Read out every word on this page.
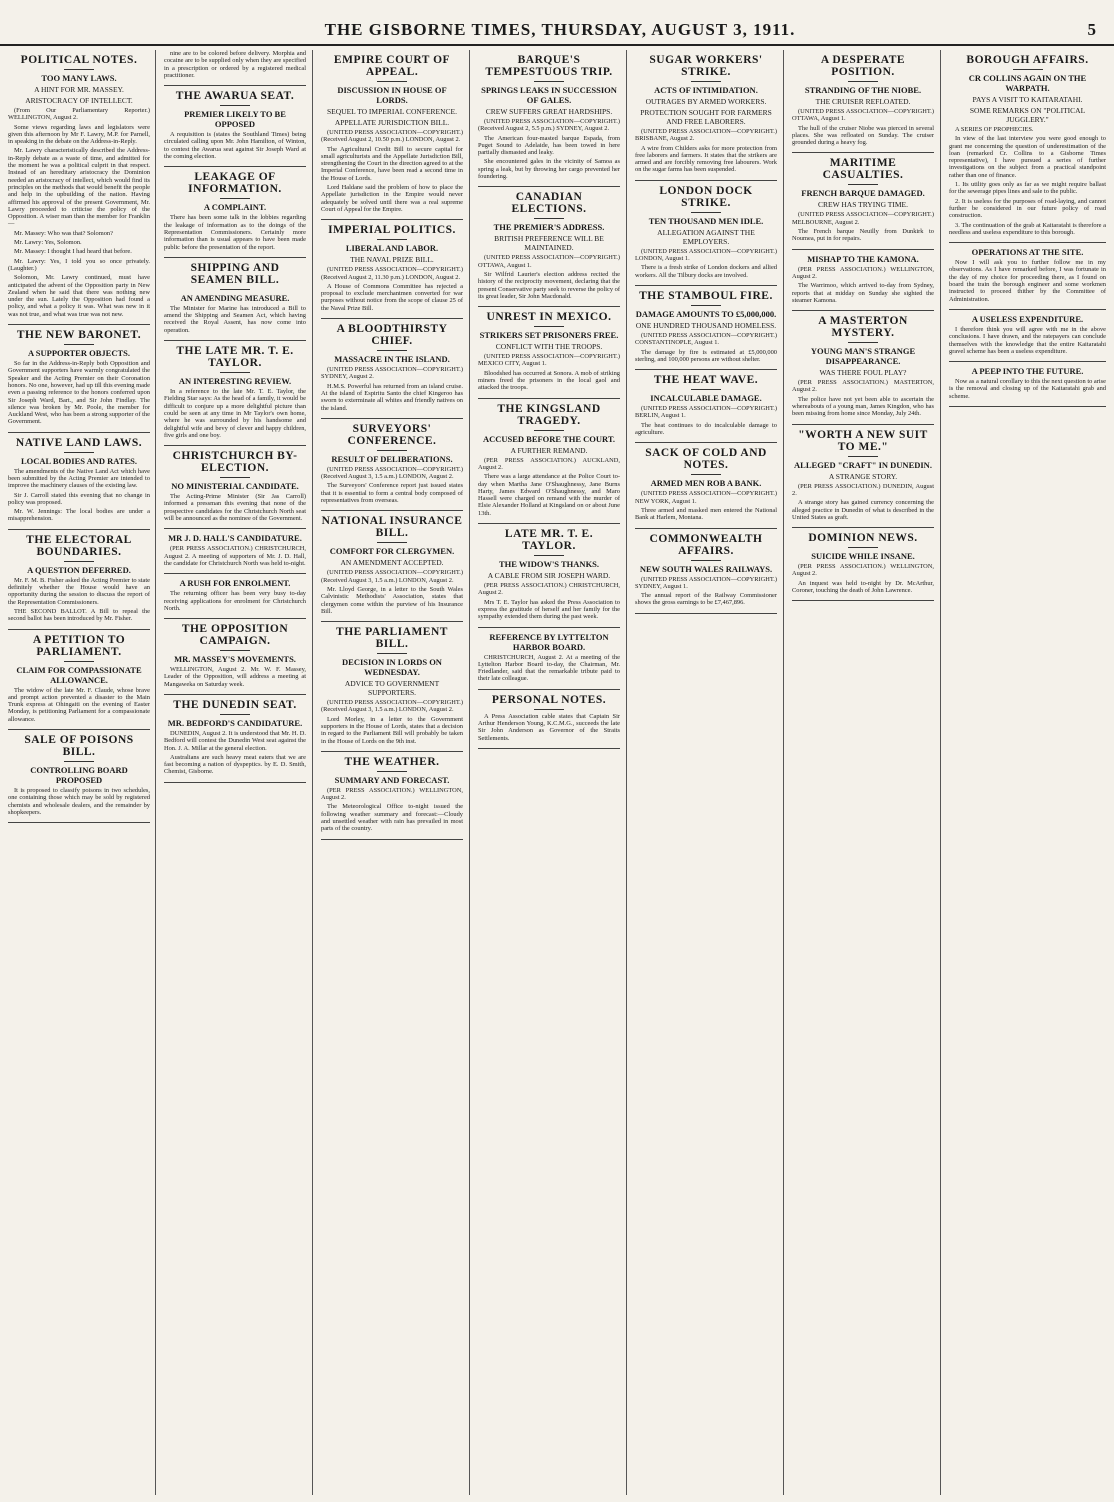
THE GISBORNE TIMES, THURSDAY, AUGUST 3, 1911.	5
POLITICAL NOTES.
TOO MANY LAWS.
A HINT FOR MR. MASSEY.
ARISTOCRACY OF INTELLECT.

(From Our Parliamentary Reporter.) WELLINGTON, August 2.

Some views regarding laws and legislators were given this afternoon by Mr F. Lawry, M.P. for Parnell, in speaking in the debate on the Address-in-Reply.

Mr. Lawry characteristically described the Address-in-Reply debate as a waste of time, and admitted for the moment he was a political culprit in that respect. Instead of an hereditary aristocracy the Dominion needed an aristocracy of intellect, which would find its principles on the methods that would benefit the people and help in the upbuilding of the nation. Having affirmed his approval of the present Government, Mr. Lawry proceeded to criticise the policy of the Opposition. A wiser man than the member for Franklin—

Mr. Massey: Who was that? Solomon?

Mr. Lawry: Yes, Solomon.

Mr. Massey: I thought I had heard that before.

Mr. Lawry: Yes, I told you so once privately. (Laughter.)

Solomon, Mr. Lawry continued, must have anticipated the advent of the Opposition party in New Zealand when he said that there was nothing new under the sun. Lately the Opposition had found a policy, and what a policy it was. What was new in it was not true, and what was true was not new.

THE NEW BARONET.
A SUPPORTER OBJECTS.

So far in the Address-in-Reply both Opposition and Government supporters have warmly congratulated the Speaker and the Acting Premier on their Coronation honors. No one, however, had up till this evening made even a passing reference to the honors conferred upon Sir Joseph Ward, Bart., and Sir John Findlay. The silence was broken by Mr. Poole, the member for Auckland West, who has been a strong supporter of the Government.

NATIVE LAND LAWS.
LOCAL BODIES AND RATES.

The amendments of the Native Land Act which have been submitted by the Acting Premier are intended to improve the machinery clauses of the existing law.

Sir J. Carroll stated this evening that no change in policy was proposed.

Mr. W. Jennings: The local bodies are under a misapprehension.

THE ELECTORAL BOUNDARIES.
A QUESTION DEFERRED.

Mr. F. M. B. Fisher asked the Acting Premier to state definitely whether the House would have an opportunity during the session to discuss the report of the Representation Commissioners.

THE SECOND BALLOT. A Bill to repeal the second ballot has been introduced by Mr. Fisher.

A PETITION TO PARLIAMENT.
CLAIM FOR COMPASSIONATE ALLOWANCE.

The widow of the late Mr. F. Claude, whose brave and prompt action prevented a disaster to the Main Trunk express at Ohingaiti on the evening of Easter Monday, is petitioning Parliament for a compassionate allowance.

SALE OF POISONS BILL.
CONTROLLING BOARD PROPOSED

It is proposed to classify poisons in two schedules, one containing those which may be sold by registered chemists and wholesale dealers, and the remainder by shopkeepers.

nine are to be colored before delivery. Morphia and cocaine are to be supplied only when they are specified in a prescription or ordered by a registered medical practitioner.

THE AWARUA SEAT.
PREMIER LIKELY TO BE OPPOSED

A requisition is (states the Southland Times) being circulated calling upon Mr. John Hamilton, of Winton, to contest the Awarua seat against Sir Joseph Ward at the coming election.

LEAKAGE OF INFORMATION.
A COMPLAINT.

There has been some talk in the lobbies regarding the leakage of information as to the doings of the Representation Commissioners. Certainly more information than is usual appears to have been made public before the presentation of the report.

SHIPPING AND SEAMEN BILL.
AN AMENDING MEASURE.

The Minister for Marine has introduced a Bill to amend the Shipping and Seamen Act, which having received the Royal Assent, has now come into operation.

THE LATE MR. T. E. TAYLOR.
AN INTERESTING REVIEW.

In a reference to the late Mr. T. E. Taylor, the Fielding Star says: As the head of a family, it would be difficult to conjure up a more delightful picture than could be seen at any time in Mr Taylor's own home, where he was surrounded by his handsome and delightful wife and bevy of clever and happy children, five girls and one boy.

CHRISTCHURCH BY-ELECTION.
NO MINISTERIAL CANDIDATE.

The Acting-Prime Minister (Sir Jas Carroll) informed a pressman this evening that none of the prospective candidates for the Christchurch North seat will be announced as the nominee of the Government.

MR J. D. HALL'S CANDIDATURE.

(PER PRESS ASSOCIATION.) CHRISTCHURCH, August 2. A meeting of supporters of Mr. J. D. Hall, the candidate for Christchurch North was held to-night.

A RUSH FOR ENROLMENT.

The returning officer has been very busy to-day receiving applications for enrolment for Christchurch North.

THE OPPOSITION CAMPAIGN.
MR. MASSEY'S MOVEMENTS.

WELLINGTON, August 2. Mr. W. F. Massey, Leader of the Opposition, will address a meeting at Mangaweka on Saturday week.

THE DUNEDIN SEAT.
MR. BEDFORD'S CANDIDATURE.

DUNEDIN, August 2. It is understood that Mr. H. D. Bedford will contest the Dunedin West seat against the Hon. J. A. Millar at the general election.

Australians are such heavy meat eaters that we are fast becoming a nation of dyspeptics. by E. D. Smith, Chemist, Gisborne.

EMPIRE COURT OF APPEAL.
DISCUSSION IN HOUSE OF LORDS.
SEQUEL TO IMPERIAL CONFERENCE.
APPELLATE JURISDICTION BILL.

(UNITED PRESS ASSOCIATION—COPYRIGHT.) (Received August 2, 10.50 p.m.) LONDON, August 2.

The Agricultural Credit Bill to secure capital for small agriculturists and the Appellate Jurisdiction Bill, strengthening the Court in the direction agreed to at the Imperial Conference, have been read a second time in the House of Lords.

Lord Haldane said the problem of how to place the Appellate jurisdiction in the Empire would never adequately be solved until there was a real supreme Court of Appeal for the Empire.

IMPERIAL POLITICS.
LIBERAL AND LABOR.
THE NAVAL PRIZE BILL.

(UNITED PRESS ASSOCIATION—COPYRIGHT.) (Received August 2, 11.30 p.m.) LONDON, August 2.

A House of Commons Committee has rejected a proposal to exclude merchantmen converted for war purposes without notice from the scope of clause 25 of the Naval Prize Bill.

A BLOODTHIRSTY CHIEF.
MASSACRE IN THE ISLAND.

(UNITED PRESS ASSOCIATION—COPYRIGHT.) SYDNEY, August 2.

H.M.S. Powerful has returned from an island cruise. At the island of Espiritu Santo the chief Kingeroo has sworn to exterminate all whites and friendly natives on the island.

SURVEYORS' CONFERENCE.
RESULT OF DELIBERATIONS.

(UNITED PRESS ASSOCIATION—COPYRIGHT.) (Received August 3, 1.5 a.m.) LONDON, August 2.

The Surveyors' Conference report just issued states that it is essential to form a central body composed of representatives from overseas.

NATIONAL INSURANCE BILL.
COMFORT FOR CLERGYMEN.
AN AMENDMENT ACCEPTED.

(UNITED PRESS ASSOCIATION—COPYRIGHT.) (Received August 3, 1.5 a.m.) LONDON, August 2.

Mr. Lloyd George, in a letter to the South Wales Calvinistic Methodists' Association, states that clergymen come within the purview of his Insurance Bill.

THE PARLIAMENT BILL.
DECISION IN LORDS ON WEDNESDAY.
ADVICE TO GOVERNMENT SUPPORTERS.

(UNITED PRESS ASSOCIATION—COPYRIGHT.) (Received August 3, 1.5 a.m.) LONDON, August 2.

Lord Morley, in a letter to the Government supporters in the House of Lords, states that a decision in regard to the Parliament Bill will probably be taken in the House of Lords on the 9th inst.

THE WEATHER.
SUMMARY AND FORECAST.

(PER PRESS ASSOCIATION.) WELLINGTON, August 2.

The Meteorological Office to-night issued the following weather summary and forecast:—Cloudy and unsettled weather with rain has prevailed in most parts of the country.

BARQUE'S TEMPESTUOUS TRIP.
SPRINGS LEAKS IN SUCCESSION OF GALES.
CREW SUFFERS GREAT HARDSHIPS.

(UNITED PRESS ASSOCIATION—COPYRIGHT.) (Received August 2, 5.5 p.m.) SYDNEY, August 2.

The American four-masted barque Espada, from Puget Sound to Adelaide, has been towed in here partially dismasted and leaky.

She encountered gales in the vicinity of Samoa as spring a leak, but by throwing her cargo prevented her foundering.

CANADIAN ELECTIONS.
THE PREMIER'S ADDRESS.
BRITISH PREFERENCE WILL BE MAINTAINED.

(UNITED PRESS ASSOCIATION—COPYRIGHT.) OTTAWA, August 1.

Sir Wilfrid Laurier's election address recited the history of the reciprocity movement, declaring that the present Conservative party seek to reverse the policy of its great leader, Sir John Macdonald.

UNREST IN MEXICO.
STRIKERS SET PRISONERS FREE.
CONFLICT WITH THE TROOPS.

(UNITED PRESS ASSOCIATION—COPYRIGHT.) MEXICO CITY, August 1.

Bloodshed has occurred at Sonora. A mob of striking miners freed the prisoners in the local gaol and attacked the troops.

THE KINGSLAND TRAGEDY.
ACCUSED BEFORE THE COURT.
A FURTHER REMAND.

(PER PRESS ASSOCIATION.) AUCKLAND, August 2.

There was a large attendance at the Police Court to-day when Martha Jane O'Shaughnessy, Jane Burns Harty, James Edward O'Shaughnessy, and Maro Hassell were charged on remand with the murder of Elsie Alexander Holland at Kingsland on or about June 13th.

LATE MR. T. E. TAYLOR.
THE WIDOW'S THANKS.
A CABLE FROM SIR JOSEPH WARD.

(PER PRESS ASSOCIATION.) CHRISTCHURCH, August 2.

Mrs T. E. Taylor has asked the Press Association to express the gratitude of herself and her family for the sympathy extended them during the past week.

REFERENCE BY LYTTELTON HARBOR BOARD.

CHRISTCHURCH, August 2. At a meeting of the Lyttelton Harbor Board to-day, the Chairman, Mr. Friedlander, said that the remarkable tribute paid to their late colleague.

PERSONAL NOTES.

A Press Association cable states that Captain Sir Arthur Henderson Young, K.C.M.G., succeeds the late Sir John Anderson as Governor of the Straits Settlements.

SUGAR WORKERS' STRIKE.
ACTS OF INTIMIDATION.
OUTRAGES BY ARMED WORKERS.
PROTECTION SOUGHT FOR FARMERS AND FREE LABORERS.

(UNITED PRESS ASSOCIATION—COPYRIGHT.) BRISBANE, August 2.

A wire from Childers asks for more protection from free laborers and farmers. It states that the strikers are armed and are forcibly removing free labourers. Work on the sugar farms has been suspended.

LONDON DOCK STRIKE.
TEN THOUSAND MEN IDLE.
ALLEGATION AGAINST THE EMPLOYERS.

(UNITED PRESS ASSOCIATION—COPYRIGHT.) LONDON, August 1.

There is a fresh strike of London dockers and allied workers. All the Tilbury docks are involved.

THE STAMBOUL FIRE.
DAMAGE AMOUNTS TO £5,000,000.
ONE HUNDRED THOUSAND HOMELESS.

(UNITED PRESS ASSOCIATION—COPYRIGHT.) CONSTANTINOPLE, August 1.

The damage by fire is estimated at £5,000,000 sterling, and 100,000 persons are without shelter.

THE HEAT WAVE.
INCALCULABLE DAMAGE.

(UNITED PRESS ASSOCIATION—COPYRIGHT.) BERLIN, August 1.

The heat continues to do incalculable damage to agriculture.

SACK OF COLD AND NOTES.
ARMED MEN ROB A BANK.

(UNITED PRESS ASSOCIATION—COPYRIGHT.) NEW YORK, August 1.

Three armed and masked men entered the National Bank at Harlem, Montana.

COMMONWEALTH AFFAIRS.
NEW SOUTH WALES RAILWAYS.

(UNITED PRESS ASSOCIATION—COPYRIGHT.) SYDNEY, August 1.

The annual report of the Railway Commissioner shows the gross earnings to be £7,467,896.

A DESPERATE POSITION.
STRANDING OF THE NIOBE.
THE CRUISER REFLOATED.

(UNITED PRESS ASSOCIATION—COPYRIGHT.) OTTAWA, August 1.

The hull of the cruiser Niobe was pierced in several places. She was refloated on Sunday. The cruiser grounded during a heavy fog.

MARITIME CASUALTIES.
FRENCH BARQUE DAMAGED.
CREW HAS TRYING TIME.

(UNITED PRESS ASSOCIATION—COPYRIGHT.) MELBOURNE, August 2.

The French barque Neuilly from Dunkirk to Noumea, put in for repairs.

MISHAP TO THE KAMONA.

(PER PRESS ASSOCIATION.) WELLINGTON, August 2.

The Warrimoo, which arrived to-day from Sydney, reports that at midday on Sunday she sighted the steamer Kamona.

A MASTERTON MYSTERY.
YOUNG MAN'S STRANGE DISAPPEARANCE.
WAS THERE FOUL PLAY?

(PER PRESS ASSOCIATION.) MASTERTON, August 2.

The police have not yet been able to ascertain the whereabouts of a young man, James Kingdon, who has been missing from home since Monday, July 24th.

"WORTH A NEW SUIT TO ME."
ALLEGED "CRAFT" IN DUNEDIN.
A STRANGE STORY.

(PER PRESS ASSOCIATION.) DUNEDIN, August 2.

A strange story has gained currency concerning the alleged practice in Dunedin of what is described in the United States as graft.

DOMINION NEWS.
SUICIDE WHILE INSANE.

(PER PRESS ASSOCIATION.) WELLINGTON, August 2.

An inquest was held to-night by Dr. McArthur, Coroner, touching the death of John Lawrence.

BOROUGH AFFAIRS.
CR COLLINS AGAIN ON THE WARPATH.
PAYS A VISIT TO KAITARATAHI.
SOME REMARKS ON "POLITICAL JUGGLERY."

A SERIES OF PROPHECIES.

In view of the last interview you were good enough to grant me concerning the question of underestimation of the loan (remarked Cr. Collins to a Gisborne Times representative), I have pursued a series of further investigations on the subject from a practical standpoint rather than one of finance.

1. Its utility goes only as far as we might require ballast for the sewerage pipes lines and sale to the public.

2. It is useless for the purposes of road-laying, and cannot further be considered in our future policy of road construction.

3. The continuation of the grab at Kaitaratahi is therefore a needless and useless expenditure to this borough.

OPERATIONS AT THE SITE.

Now I will ask you to further follow me in my observations. As I have remarked before, I was fortunate in the day of my choice for proceeding there, as I found on board the train the borough engineer and some workmen instructed to proceed thither by the Committee of Administration.

A USELESS EXPENDITURE.

I therefore think you will agree with me in the above conclusions. I have drawn, and the ratepayers can conclude themselves with the knowledge that the entire Kaitaratahi gravel scheme has been a useless expenditure.

A PEEP INTO THE FUTURE.

Now as a natural corollary to this the next question to arise is the removal and closing up of the Kaitaratahi grab and scheme.
